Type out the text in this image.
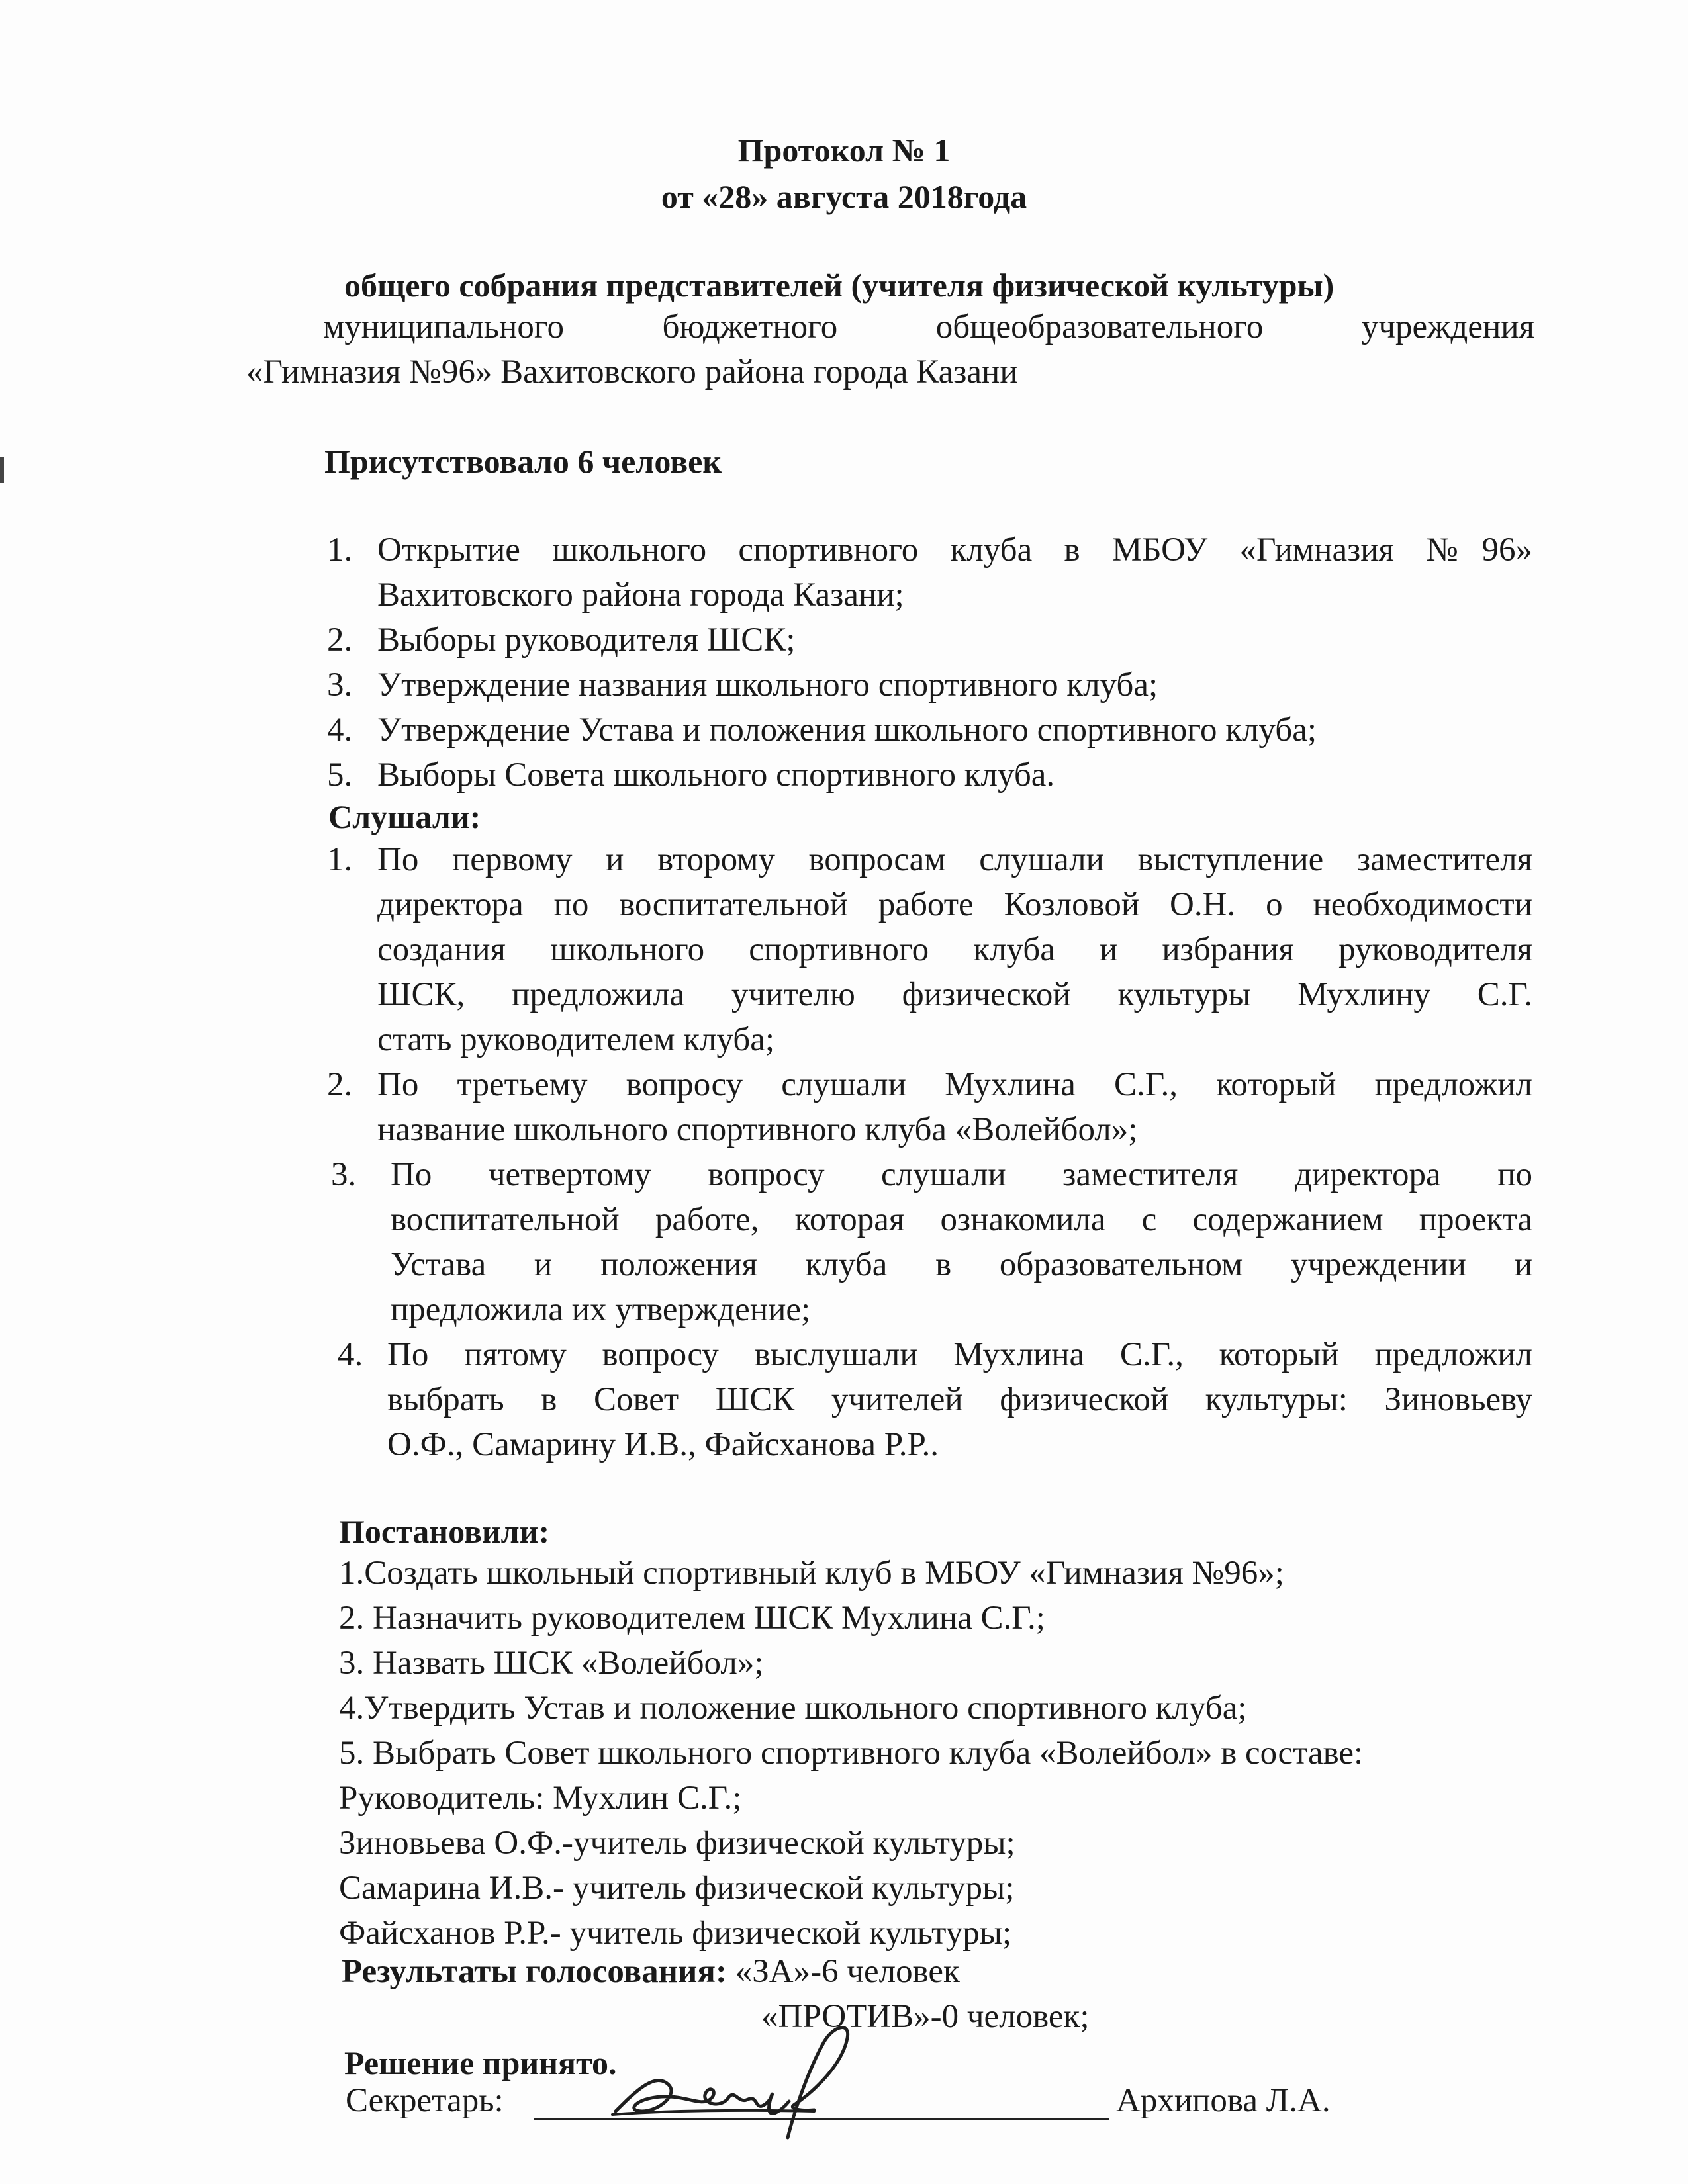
Протокол № 1
от «28» августа 2018года
общего собрания представителей (учителя физической культуры)
муниципального бюджетного общеобразовательного учреждения
«Гимназия №96» Вахитовского района города Казани
Присутствовало 6 человек
1. Открытие школьного спортивного клуба в МБОУ «Гимназия №96»
Вахитовского района города Казани;
2. Выборы руководителя ШСК;
3. Утверждение названия школьного спортивного клуба;
4. Утверждение Устава и положения школьного спортивного клуба;
5. Выборы Совета школьного спортивного клуба.
Слушали:
1. По первому и второму вопросам слушали выступление заместителя
директора по воспитательной работе Козловой О.Н. о необходимости
создания школьного спортивного клуба и избрания руководителя
ШСК, предложила учителю физической культуры Мухлину С.Г.
стать руководителем клуба;
2. По третьему вопросу слушали Мухлина С.Г., который предложил
название школьного спортивного клуба «Волейбол»;
3. По четвертому вопросу слушали заместителя директора по
воспитательной работе, которая ознакомила с содержанием проекта
Устава и положения клуба в образовательном учреждении и
предложила их утверждение;
4. По пятому вопросу выслушали Мухлина С.Г., который предложил
выбрать в Совет ШСК учителей физической культуры: Зиновьеву
О.Ф., Самарину И.В., Файсханова Р.Р..
Постановили:
1.Создать школьный спортивный клуб в МБОУ «Гимназия №96»;
2. Назначить руководителем ШСК Мухлина С.Г.;
3. Назвать ШСК «Волейбол»;
4.Утвердить Устав и положение школьного спортивного клуба;
5. Выбрать Совет школьного спортивного клуба «Волейбол» в составе:
Руководитель: Мухлин С.Г.;
Зиновьева О.Ф.-учитель физической культуры;
Самарина И.В.- учитель физической культуры;
Файсханов Р.Р.- учитель физической культуры;
Результаты голосования: «ЗА»-6 человек
«ПРОТИВ»-0 человек;
Решение принято.
Секретарь:	Архипова Л.А.
